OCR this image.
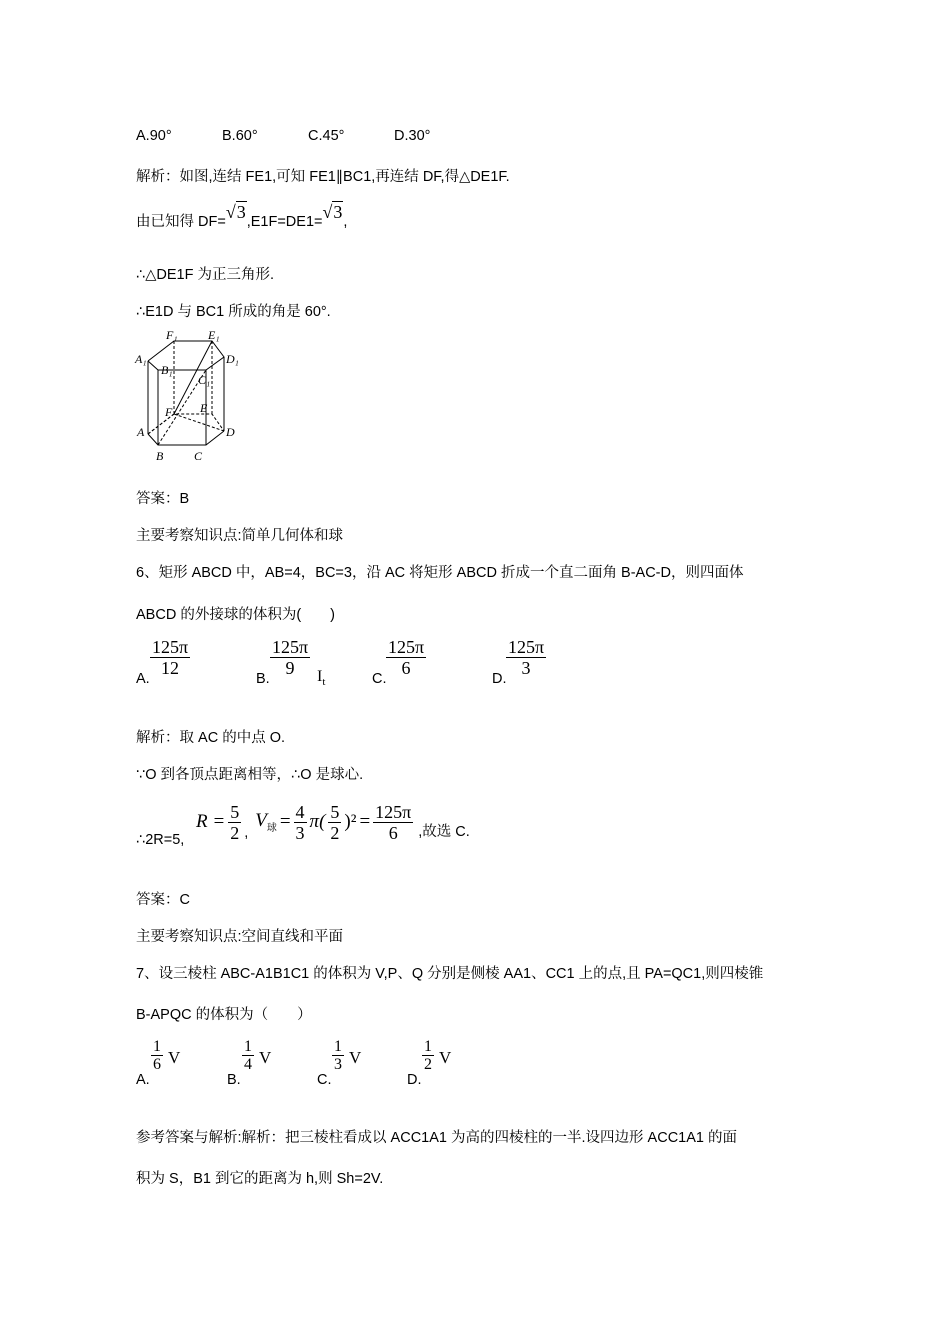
A.90°	B.60°	C.45°	D.30°
解析：如图,连结 FE1,可知 FE1∥BC1,再连结 DF,得△DE1F.
由已知得 DF=√3,E1F=DE1=√3,
∴△DE1F 为正三角形.
∴E1D 与 BC1 所成的角是 60°.
F₁	E₁
A₁	D₁
B₁
C₁
F E
A	D
B	C
答案：B
主要考察知识点:简单几何体和球
6、矩形 ABCD 中，AB=4，BC=3，沿 AC 将矩形 ABCD 折成一个直二面角 B-AC-D，则四面体
ABCD 的外接球的体积为(　　)
A.
$\frac{125\pi}{12}$
B.
$\frac{125\pi}{9} I_t$	C.
$\frac{125\pi}{6}$
D.
$\frac{125\pi}{3}$
解析：取 AC 的中点 O.
∵O 到各顶点距离相等，∴O 是球心.
∴2R=5,
$R = \frac{5}{2}$ ,
$V_球 = \frac{4}{3} \pi( \frac{5}{2} )^2 = \frac{125\pi}{6}$ ,故选 C.
答案：C
主要考察知识点:空间直线和平面
7、设三棱柱 ABC-A1B1C1 的体积为 V,P、Q 分别是侧棱 AA1、CC1 上的点,且 PA=QC1,则四棱锥
B-APQC 的体积为（　　）
A.
$\frac{1}{6}$ V
B.
$\frac{1}{4}$ V
C.
$\frac{1}{3}$ V
D.
$\frac{1}{2}$ V
参考答案与解析:解析：把三棱柱看成以 ACC1A1 为高的四棱柱的一半.设四边形 ACC1A1 的面
积为 S，B1 到它的距离为 h,则 Sh=2V.
